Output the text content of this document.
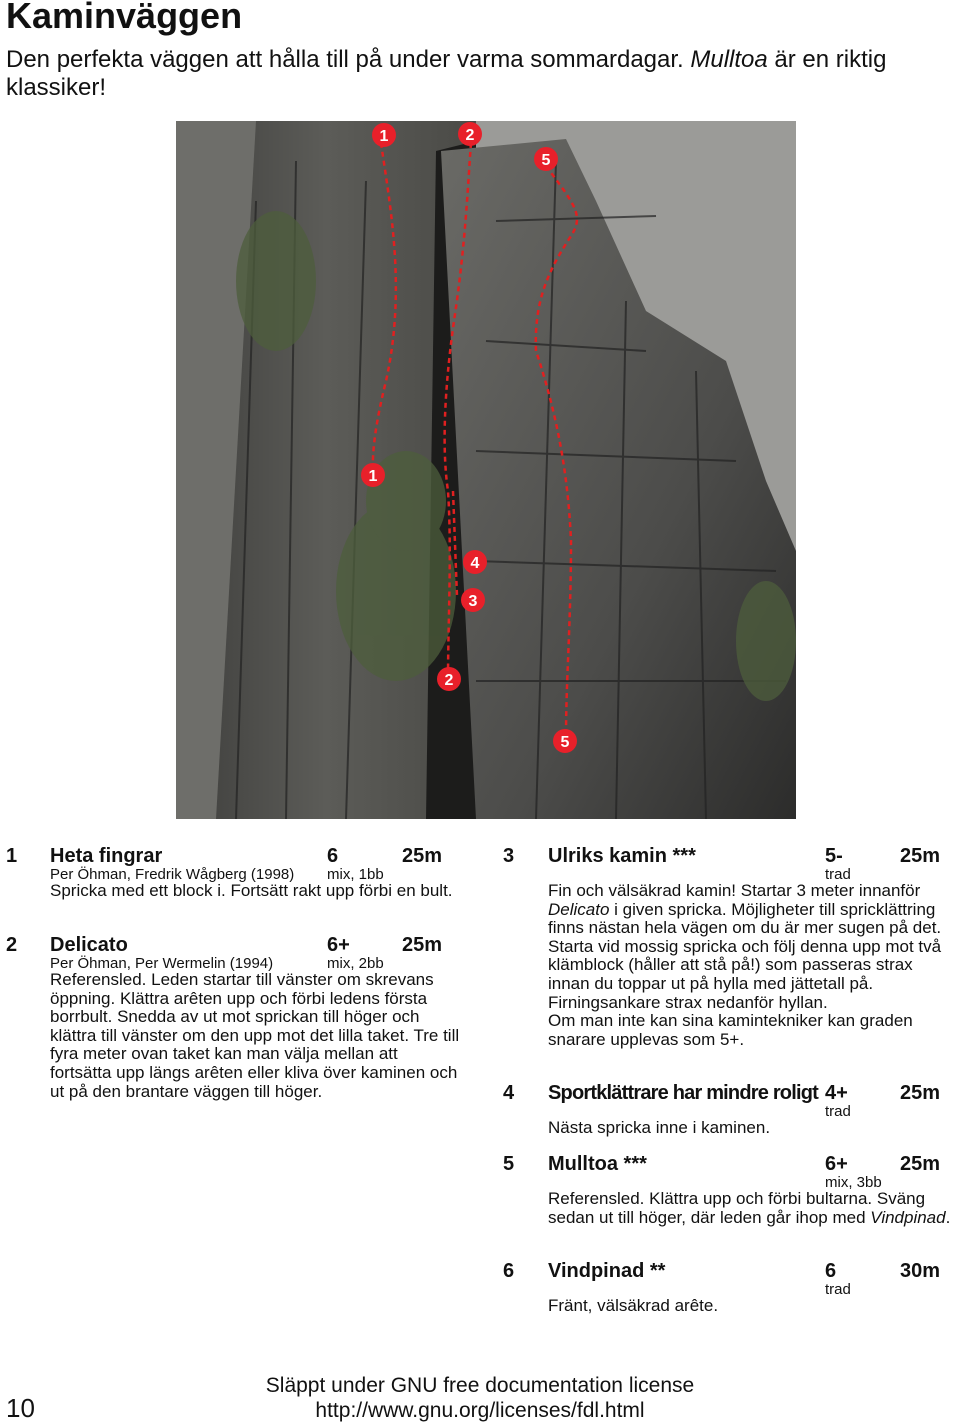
Kaminväggen

Den perfekta väggen att hålla till på under varma sommardagar. Mulltoa är en riktig klassiker!

1	2
5
1
4
3
2
5
1 Heta fingrar	6	25m
Per Öhman, Fredrik Wågberg (1998) mix, 1bb

Spricka med ett block i. Fortsätt rakt upp förbi en bult.

2 Delicato	6+	25m
Per Öhman, Per Wermelin (1994)	mix, 2bb

Referensled. Leden startar till vänster om skrevans öppning. Klättra arêten upp och förbi ledens första borrbult. Snedda av ut mot sprickan till höger och klättra till vänster om den upp mot det lilla taket. Tre till fyra meter ovan taket kan man välja mellan att fortsätta upp längs arêten eller kliva över kaminen och ut på den brantare väggen till höger.

3 Ulriks kamin ***	5-	25m
trad

Fin och välsäkrad kamin! Startar 3 meter innanför Delicato i given spricka. Möjligheter till spricklättring finns nästan hela vägen om du är mer sugen på det. Starta vid mossig spricka och följ denna upp mot två klämblock (håller att stå på!) som passeras strax innan du toppar ut på hylla med jättetall på. Firningsankare strax nedanför hyllan.
Om man inte kan sina kamintekniker kan graden snarare upplevas som 5+.

4 Sportklättrare har mindre roligt 4+	25m
trad

Nästa spricka inne i kaminen.

5 Mulltoa ***	6+	25m
mix, 3bb

Referensled. Klättra upp och förbi bultarna. Sväng sedan ut till höger, där leden går ihop med Vindpinad.

6 Vindpinad **	6	30m
trad

Fränt, välsäkrad arête.

Släppt under GNU free documentation license
http://www.gnu.org/licenses/fdl.html
10
